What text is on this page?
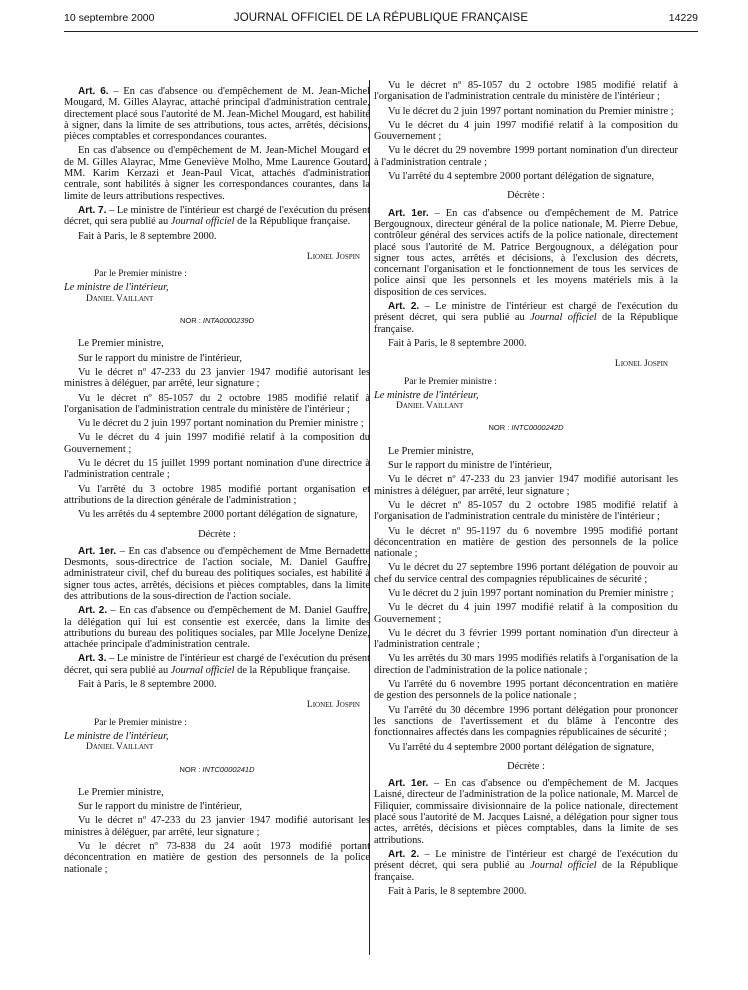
10 septembre 2000	JOURNAL OFFICIEL DE LA RÉPUBLIQUE FRANÇAISE	14229

Art. 6. – En cas d'absence ou d'empêchement de M. Jean-Michel Mougard, M. Gilles Alayrac, attaché principal d'administration centrale, directement placé sous l'autorité de M. Jean-Michel Mougard, est habilité à signer, dans la limite de ses attributions, tous actes, arrêtés, décisions, pièces comptables et correspondances courantes.

En cas d'absence ou d'empêchement de M. Jean-Michel Mougard et de M. Gilles Alayrac, Mme Geneviève Molho, Mme Laurence Goutard, MM. Karim Kerzazi et Jean-Paul Vicat, attachés d'administration centrale, sont habilités à signer les correspondances courantes, dans la limite de leurs attributions respectives.

Art. 7. – Le ministre de l'intérieur est chargé de l'exécution du présent décret, qui sera publié au Journal officiel de la République française.

Fait à Paris, le 8 septembre 2000.

Lionel Jospin

Par le Premier ministre :

Le ministre de l'intérieur,

Daniel Vaillant

NOR : INTA0000239D

Le Premier ministre,

Sur le rapport du ministre de l'intérieur,

Vu le décret nº 47-233 du 23 janvier 1947 modifié autorisant les ministres à déléguer, par arrêté, leur signature ;

Vu le décret nº 85-1057 du 2 octobre 1985 modifié relatif à l'organisation de l'administration centrale du ministère de l'intérieur ;

Vu le décret du 2 juin 1997 portant nomination du Premier ministre ;

Vu le décret du 4 juin 1997 modifié relatif à la composition du Gouvernement ;

Vu le décret du 15 juillet 1999 portant nomination d'une directrice à l'administration centrale ;

Vu l'arrêté du 3 octobre 1985 modifié portant organisation et attributions de la direction générale de l'administration ;

Vu les arrêtés du 4 septembre 2000 portant délégation de signature,

Décrète :

Art. 1er. – En cas d'absence ou d'empêchement de Mme Bernadette Desmonts, sous-directrice de l'action sociale, M. Daniel Gauffre, administrateur civil, chef du bureau des politiques sociales, est habilité à signer tous actes, arrêtés, décisions et pièces comptables, dans la limite des attributions de la sous-direction de l'action sociale.

Art. 2. – En cas d'absence ou d'empêchement de M. Daniel Gauffre, la délégation qui lui est consentie est exercée, dans la limite des attributions du bureau des politiques sociales, par Mlle Jocelyne Denize, attachée principale d'administration centrale.

Art. 3. – Le ministre de l'intérieur est chargé de l'exécution du présent décret, qui sera publié au Journal officiel de la République française.

Fait à Paris, le 8 septembre 2000.

Lionel Jospin

Par le Premier ministre :

Le ministre de l'intérieur,

Daniel Vaillant

NOR : INTC0000241D

Le Premier ministre,

Sur le rapport du ministre de l'intérieur,

Vu le décret nº 47-233 du 23 janvier 1947 modifié autorisant les ministres à déléguer, par arrêté, leur signature ;

Vu le décret nº 73-838 du 24 août 1973 modifié portant déconcentration en matière de gestion des personnels de la police nationale ;

Vu le décret nº 85-1057 du 2 octobre 1985 modifié relatif à l'organisation de l'administration centrale du ministère de l'intérieur ;

Vu le décret du 2 juin 1997 portant nomination du Premier ministre ;

Vu le décret du 4 juin 1997 modifié relatif à la composition du Gouvernement ;

Vu le décret du 29 novembre 1999 portant nomination d'un directeur à l'administration centrale ;

Vu l'arrêté du 4 septembre 2000 portant délégation de signature,

Décrète :

Art. 1er. – En cas d'absence ou d'empêchement de M. Patrice Bergougnoux, directeur général de la police nationale, M. Pierre Debue, contrôleur général des services actifs de la police nationale, directement placé sous l'autorité de M. Patrice Bergougnoux, a délégation pour signer tous actes, arrêtés et décisions, à l'exclusion des décrets, concernant l'organisation et le fonctionnement de tous les services de police ainsi que les personnels et les moyens matériels mis à la disposition de ces services.

Art. 2. – Le ministre de l'intérieur est chargé de l'exécution du présent décret, qui sera publié au Journal officiel de la République française.

Fait à Paris, le 8 septembre 2000.

Lionel Jospin

Par le Premier ministre :

Le ministre de l'intérieur,

Daniel Vaillant

NOR : INTC0000242D

Le Premier ministre,

Sur le rapport du ministre de l'intérieur,

Vu le décret nº 47-233 du 23 janvier 1947 modifié autorisant les ministres à déléguer, par arrêté, leur signature ;

Vu le décret nº 85-1057 du 2 octobre 1985 modifié relatif à l'organisation de l'administration centrale du ministère de l'intérieur ;

Vu le décret nº 95-1197 du 6 novembre 1995 modifié portant déconcentration en matière de gestion des personnels de la police nationale ;

Vu le décret du 27 septembre 1996 portant délégation de pouvoir au chef du service central des compagnies républicaines de sécurité ;

Vu le décret du 2 juin 1997 portant nomination du Premier ministre ;

Vu le décret du 4 juin 1997 modifié relatif à la composition du Gouvernement ;

Vu le décret du 3 février 1999 portant nomination d'un directeur à l'administration centrale ;

Vu les arrêtés du 30 mars 1995 modifiés relatifs à l'organisation de la direction de l'administration de la police nationale ;

Vu l'arrêté du 6 novembre 1995 portant déconcentration en matière de gestion des personnels de la police nationale ;

Vu l'arrêté du 30 décembre 1996 portant délégation pour prononcer les sanctions de l'avertissement et du blâme à l'encontre des fonctionnaires affectés dans les compagnies républicaines de sécurité ;

Vu l'arrêté du 4 septembre 2000 portant délégation de signature,

Décrète :

Art. 1er. – En cas d'absence ou d'empêchement de M. Jacques Laisné, directeur de l'administration de la police nationale, M. Marcel de Filiquier, commissaire divisionnaire de la police nationale, directement placé sous l'autorité de M. Jacques Laisné, a délégation pour signer tous actes, arrêtés, décisions et pièces comptables, dans la limite de ses attributions.

Art. 2. – Le ministre de l'intérieur est chargé de l'exécution du présent décret, qui sera publié au Journal officiel de la République française.

Fait à Paris, le 8 septembre 2000.
